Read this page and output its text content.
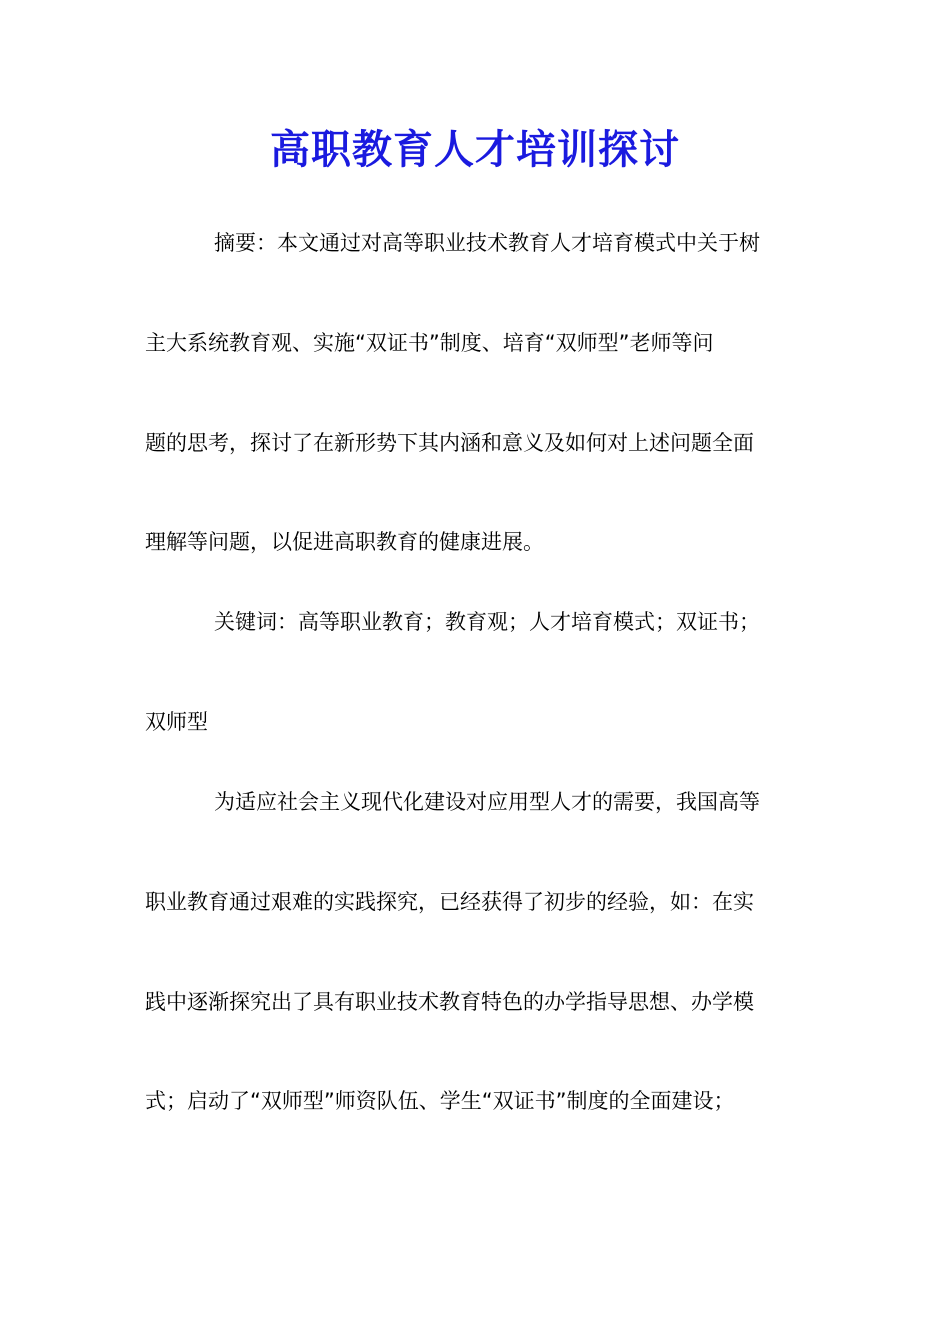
高职教育人才培训探讨
摘要：本文通过对高等职业技术教育人才培育模式中关于树
主大系统教育观、实施“双证书”制度、培育“双师型”老师等问
题的思考，探讨了在新形势下其内涵和意义及如何对上述问题全面
理解等问题，以促进高职教育的健康进展。
关键词：高等职业教育；教育观；人才培育模式；双证书；
双师型
为适应社会主义现代化建设对应用型人才的需要，我国高等
职业教育通过艰难的实践探究，已经获得了初步的经验，如：在实
践中逐渐探究出了具有职业技术教育特色的办学指导思想、办学模
式；启动了“双师型”师资队伍、学生“双证书”制度的全面建设；
